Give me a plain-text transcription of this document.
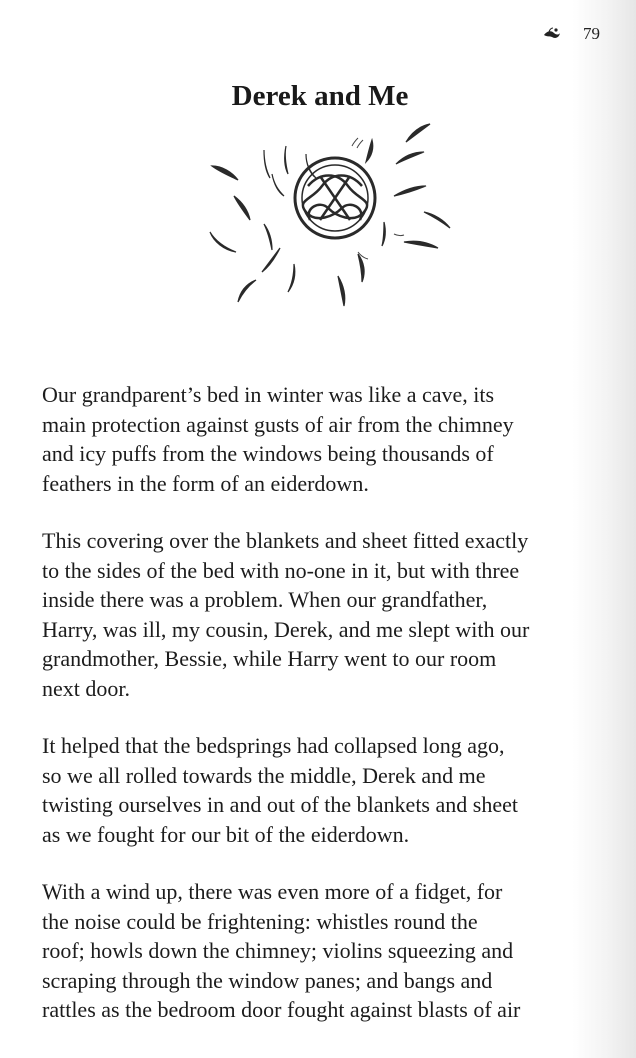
79
Derek and Me

Our grandparent’s bed in winter was like a cave, its
main protection against gusts of air from the chimney
and icy puffs from the windows being thousands of
feathers in the form of an eiderdown.

This covering over the blankets and sheet fitted exactly
to the sides of the bed with no-one in it, but with three
inside there was a problem. When our grandfather,
Harry, was ill, my cousin, Derek, and me slept with our
grandmother, Bessie, while Harry went to our room
next door.

It helped that the bedsprings had collapsed long ago,
so we all rolled towards the middle, Derek and me
twisting ourselves in and out of the blankets and sheet
as we fought for our bit of the eiderdown.

With a wind up, there was even more of a fidget, for
the noise could be frightening: whistles round the
roof; howls down the chimney; violins squeezing and
scraping through the window panes; and bangs and
rattles as the bedroom door fought against blasts of air
